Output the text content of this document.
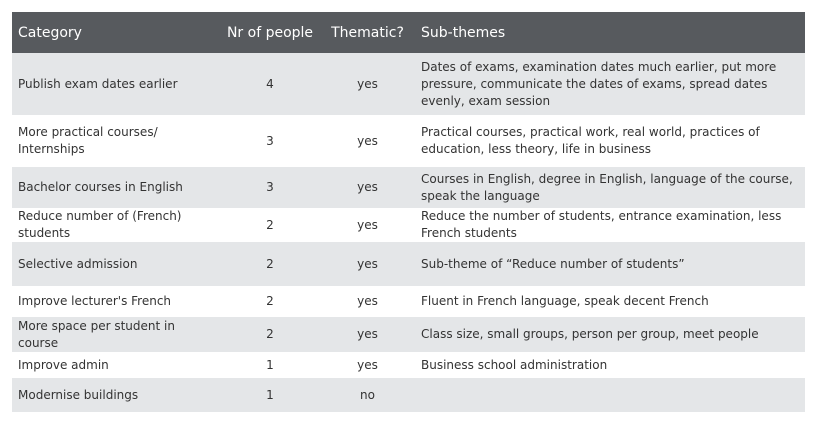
Category	Nr of people	Thematic?	Sub-themes
Publish exam dates earlier	4	yes	Dates of exams, examination dates much earlier, put more pressure, communicate the dates of exams, spread dates evenly, exam session
More practical courses/ Internships	3	yes	Practical courses, practical work, real world, practices of education, less theory, life in business
Bachelor courses in English	3	yes	Courses in English, degree in English, language of the course, speak the language
Reduce number of (French) students	2	yes	Reduce the number of students, entrance examination, less French students
Selective admission	2	yes	Sub-theme of “Reduce number of students”
Improve lecturer's French	2	yes	Fluent in French language, speak decent French
More space per student in course	2	yes	Class size, small groups, person per group, meet people
Improve admin	1	yes	Business school administration
Modernise buildings	1	no	
